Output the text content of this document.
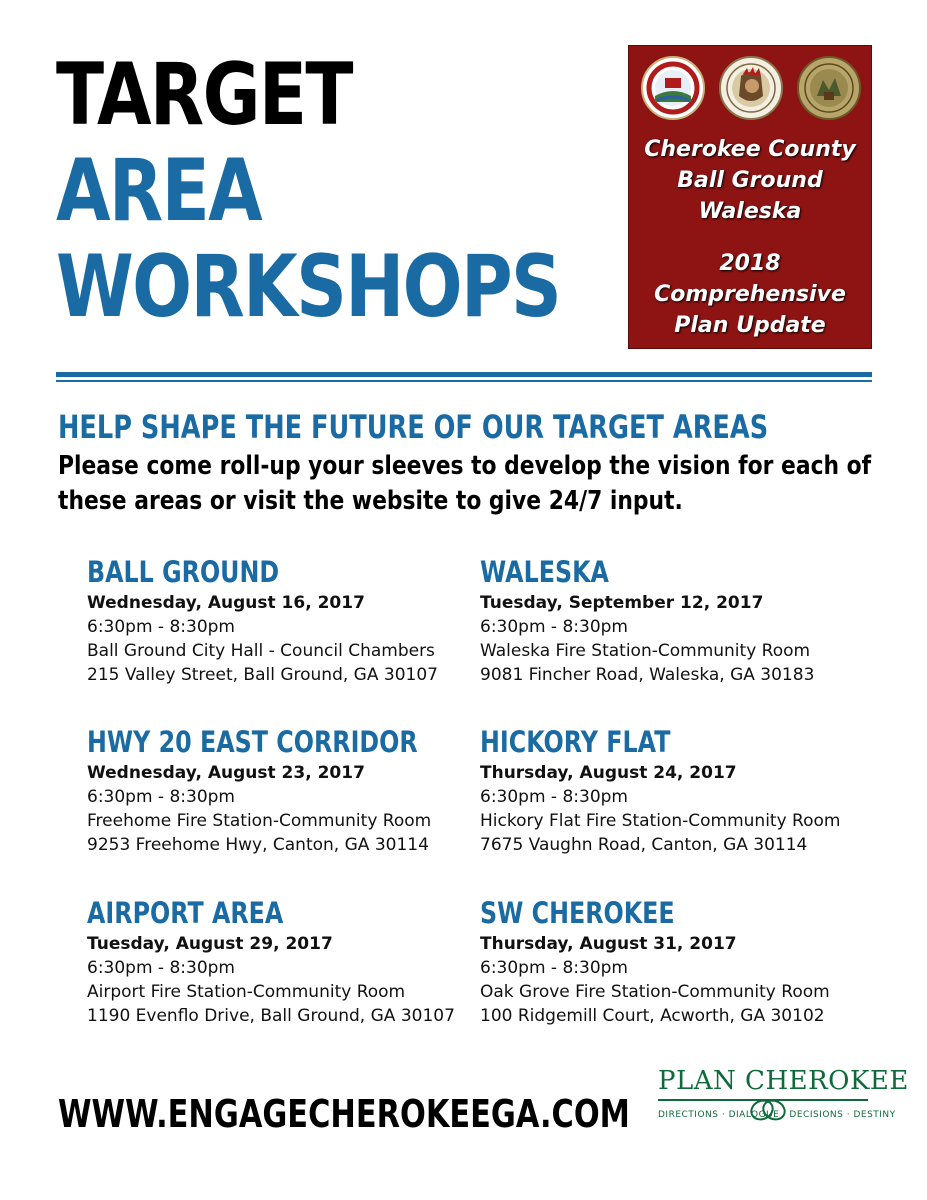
TARGET
AREA
WORKSHOPS
Cherokee County
Ball Ground
Waleska
2018
Comprehensive
Plan Update
HELP SHAPE THE FUTURE OF OUR TARGET AREAS
Please come roll-up your sleeves to develop the vision for each of
these areas or visit the website to give 24/7 input.
BALL GROUND
Wednesday, August 16, 2017
6:30pm - 8:30pm
Ball Ground City Hall - Council Chambers
215 Valley Street, Ball Ground, GA 30107
WALESKA
Tuesday, September 12, 2017
6:30pm - 8:30pm
Waleska Fire Station-Community Room
9081 Fincher Road, Waleska, GA 30183
HWY 20 EAST CORRIDOR
Wednesday, August 23, 2017
6:30pm - 8:30pm
Freehome Fire Station-Community Room
9253 Freehome Hwy, Canton, GA 30114
HICKORY FLAT
Thursday, August 24, 2017
6:30pm - 8:30pm
Hickory Flat Fire Station-Community Room
7675 Vaughn Road, Canton, GA 30114
AIRPORT AREA
Tuesday, August 29, 2017
6:30pm - 8:30pm
Airport Fire Station-Community Room
1190 Evenflo Drive, Ball Ground, GA 30107
SW CHEROKEE
Thursday, August 31, 2017
6:30pm - 8:30pm
Oak Grove Fire Station-Community Room
100 Ridgemill Court, Acworth, GA 30102
WWW.ENGAGECHEROKEEGA.COM
PLAN CHEROKEE
DIRECTIONS · DIALOGUE · DECISIONS · DESTINY
